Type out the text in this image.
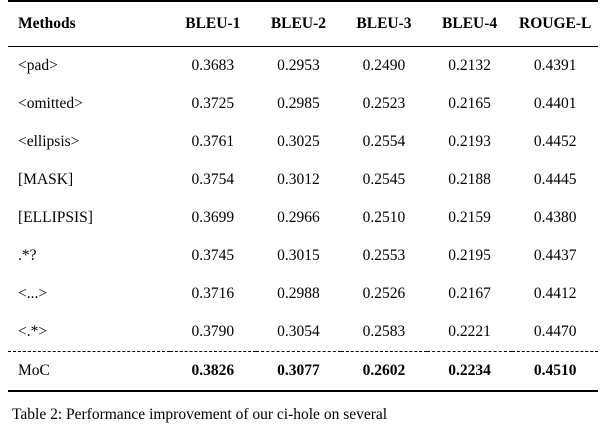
Methods	BLEU-1	BLEU-2	BLEU-3	BLEU-4	ROUGE-L
<pad>	0.3683	0.2953	0.2490	0.2132	0.4391
<omitted>	0.3725	0.2985	0.2523	0.2165	0.4401
<ellipsis>	0.3761	0.3025	0.2554	0.2193	0.4452
[MASK]	0.3754	0.3012	0.2545	0.2188	0.4445
[ELLIPSIS]	0.3699	0.2966	0.2510	0.2159	0.4380
.*?	0.3745	0.3015	0.2553	0.2195	0.4437
<...>	0.3716	0.2988	0.2526	0.2167	0.4412
<.*>	0.3790	0.3054	0.2583	0.2221	0.4470
MoC	0.3826	0.3077	0.2602	0.2234	0.4510
Table 2: Performance improvement of our ci-hole on several
